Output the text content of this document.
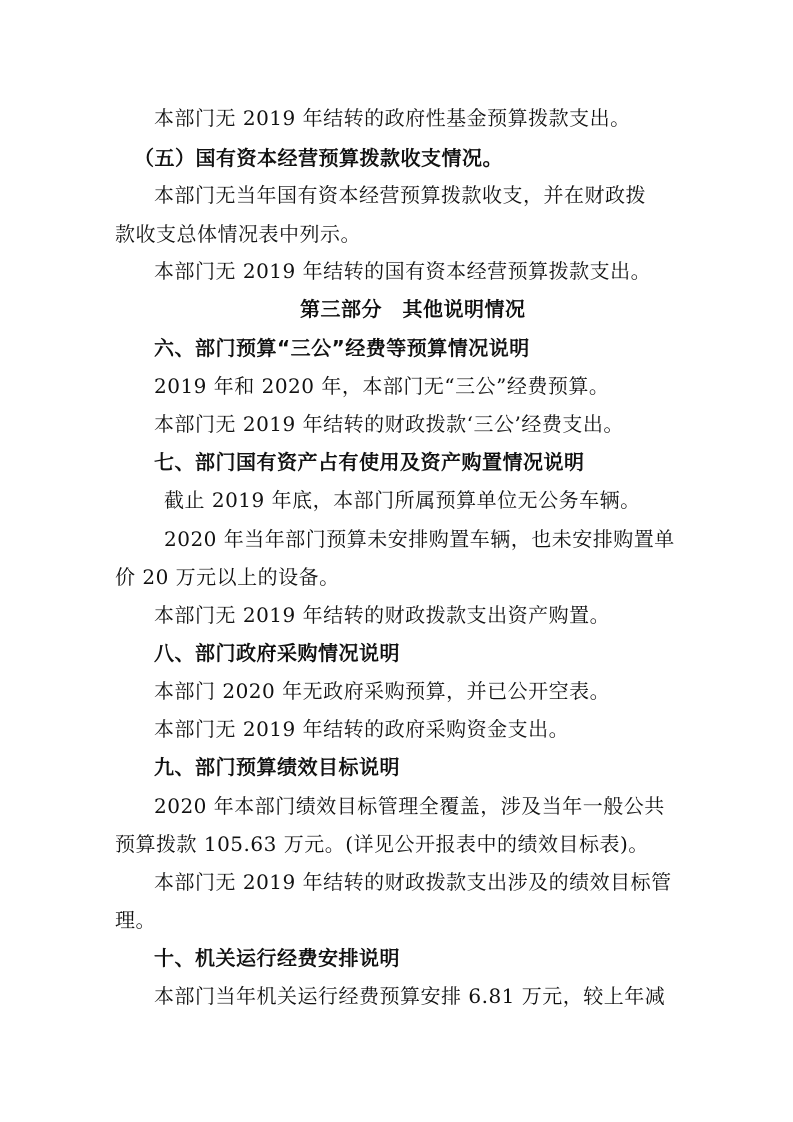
本部门无 2019 年结转的政府性基金预算拨款支出。
（五）国有资本经营预算拨款收支情况。
本部门无当年国有资本经营预算拨款收支，并在财政拨
款收支总体情况表中列示。
本部门无 2019 年结转的国有资本经营预算拨款支出。
第三部分　其他说明情况
六、部门预算“三公”经费等预算情况说明
2019 年和 2020 年，本部门无“三公”经费预算。
本部门无 2019 年结转的财政拨款‘三公’经费支出。
七、部门国有资产占有使用及资产购置情况说明
截止 2019 年底，本部门所属预算单位无公务车辆。
2020 年当年部门预算未安排购置车辆，也未安排购置单
价 20 万元以上的设备。
本部门无 2019 年结转的财政拨款支出资产购置。
八、部门政府采购情况说明
本部门 2020 年无政府采购预算，并已公开空表。
本部门无 2019 年结转的政府采购资金支出。
九、部门预算绩效目标说明
2020 年本部门绩效目标管理全覆盖，涉及当年一般公共
预算拨款 105.63 万元。(详见公开报表中的绩效目标表)。
本部门无 2019 年结转的财政拨款支出涉及的绩效目标管
理。
十、机关运行经费安排说明
本部门当年机关运行经费预算安排 6.81 万元，较上年减
